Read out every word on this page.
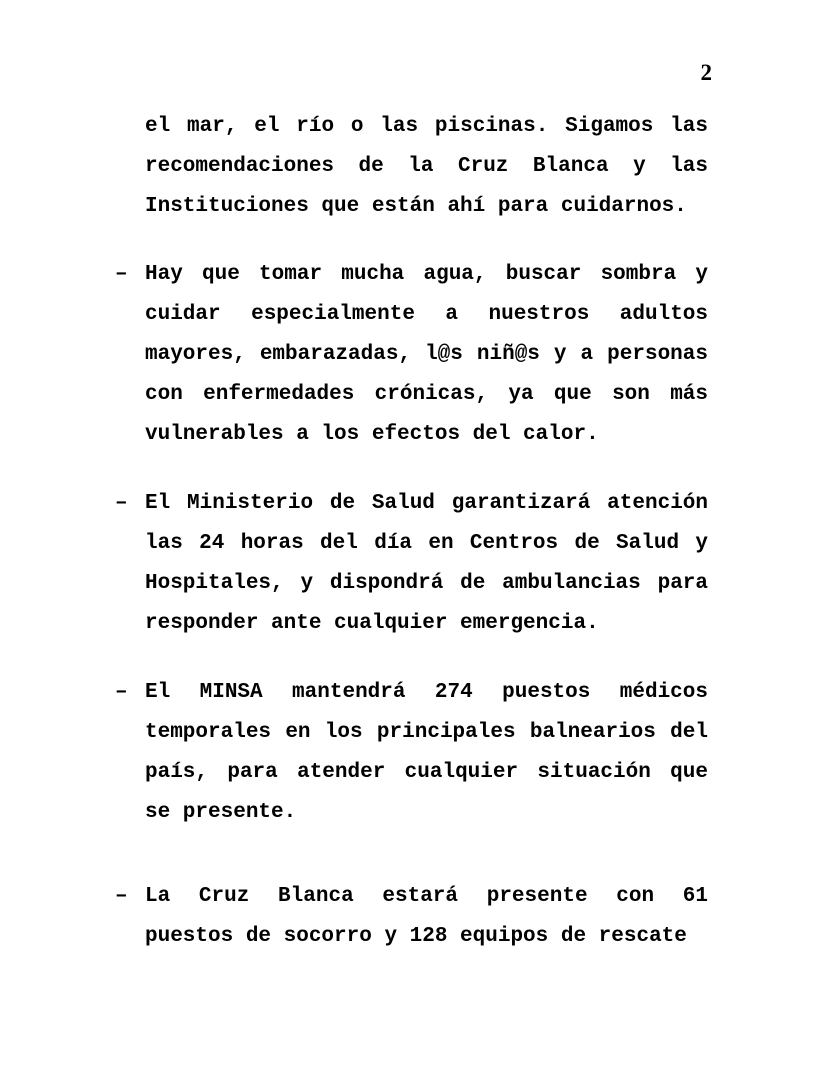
2
el mar, el río o las piscinas. Sigamos las recomendaciones de la Cruz Blanca y las Instituciones que están ahí para cuidarnos.
– Hay que tomar mucha agua, buscar sombra y cuidar especialmente a nuestros adultos mayores, embarazadas, l@s niñ@s y a personas con enfermedades crónicas, ya que son más vulnerables a los efectos del calor.
– El Ministerio de Salud garantizará atención las 24 horas del día en Centros de Salud y Hospitales, y dispondrá de ambulancias para responder ante cualquier emergencia.
– El MINSA mantendrá 274 puestos médicos temporales en los principales balnearios del país, para atender cualquier situación que se presente.
– La Cruz Blanca estará presente con 61 puestos de socorro y 128 equipos de rescate
